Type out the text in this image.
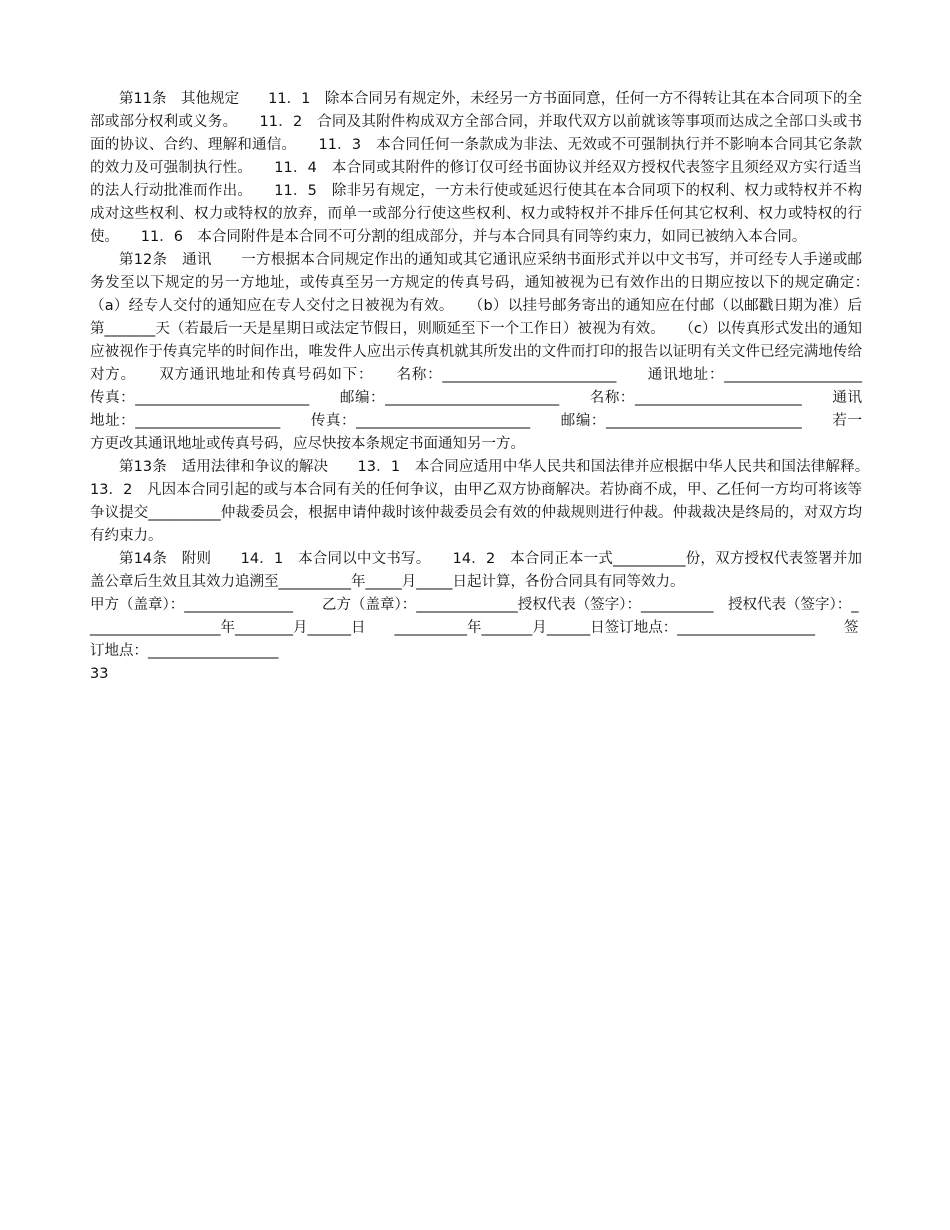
第11条　其他规定　　11．1　除本合同另有规定外，未经另一方书面同意，任何一方不得转让其在本合同项下的全部或部分权利或义务。　　11．2　合同及其附件构成双方全部合同，并取代双方以前就该等事项而达成之全部口头或书面的协议、合约、理解和通信。　　11．3　本合同任何一条款成为非法、无效或不可强制执行并不影响本合同其它条款的效力及可强制执行性。　　11．4　本合同或其附件的修订仅可经书面协议并经双方授权代表签字且须经双方实行适当的法人行动批准而作出。　　11．5　除非另有规定，一方未行使或延迟行使其在本合同项下的权利、权力或特权并不构成对这些权利、权力或特权的放弃，而单一或部分行使这些权利、权力或特权并不排斥任何其它权利、权力或特权的行使。　　11．6　本合同附件是本合同不可分割的组成部分，并与本合同具有同等约束力，如同已被纳入本合同。

第12条　通讯　　一方根据本合同规定作出的通知或其它通讯应采纳书面形式并以中文书写，并可经专人手递或邮务发至以下规定的另一方地址，或传真至另一方规定的传真号码，通知被视为已有效作出的日期应按以下的规定确定：　　（a）经专人交付的通知应在专人交付之日被视为有效。　　（b）以挂号邮务寄出的通知应在付邮（以邮戳日期为准）后第_______天（若最后一天是星期日或法定节假日，则顺延至下一个工作日）被视为有效。　　（c）以传真形式发出的通知应被视作于传真完毕的时间作出，唯发件人应出示传真机就其所发出的文件而打印的报告以证明有关文件已经完满地传给对方。　　双方通讯地址和传真号码如下：　　名称：________________________　　通讯地址：___________________　　传真：________________________　　邮编：________________________　　名称：_______________________　　通讯地址：____________________　　传真：________________________　　邮编：___________________________　　若一方更改其通讯地址或传真号码，应尽快按本条规定书面通知另一方。

第13条　适用法律和争议的解决　　13．1　本合同应适用中华人民共和国法律并应根据中华人民共和国法律解释。　　13．2　凡因本合同引起的或与本合同有关的任何争议，由甲乙双方协商解决。若协商不成，甲、乙任何一方均可将该等争议提交__________仲裁委员会，根据申请仲裁时该仲裁委员会有效的仲裁规则进行仲裁。仲裁裁决是终局的，对双方均有约束力。

第14条　附则　　14．1　本合同以中文书写。　　14．2　本合同正本一式__________份，双方授权代表签署并加盖公章后生效且其效力追溯至__________年_____月_____日起计算，各份合同具有同等效力。

甲方（盖章）：_______________　　乙方（盖章）：______________授权代表（签字）：__________　授权代表（签字）：___________________年________月______日　　__________年_______月______日签订地点：___________________　　签订地点：__________________

33
